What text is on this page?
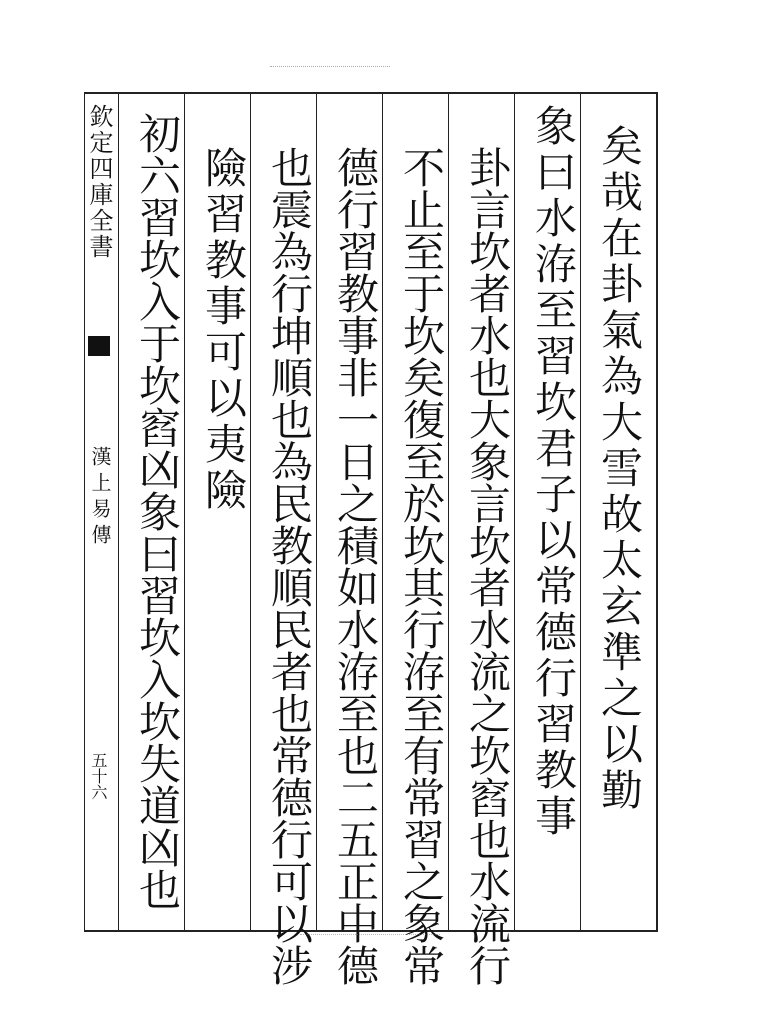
欽定四庫全書
漢上易傳
五十六	矣哉在卦氣為大雪故太玄準之以勤
象曰水洊至習坎君子以常德行習教事
卦言坎者水也大象言坎者水流之坎窞也水流行
不止至于坎矣復至於坎其行洊至有常習之象常
德行習教事非一日之積如水洊至也二五正中德
也震為行坤順也為民教順民者也常德行可以涉
險習教事可以夷險
初六習坎入于坎窞凶象曰習坎入坎失道凶也
